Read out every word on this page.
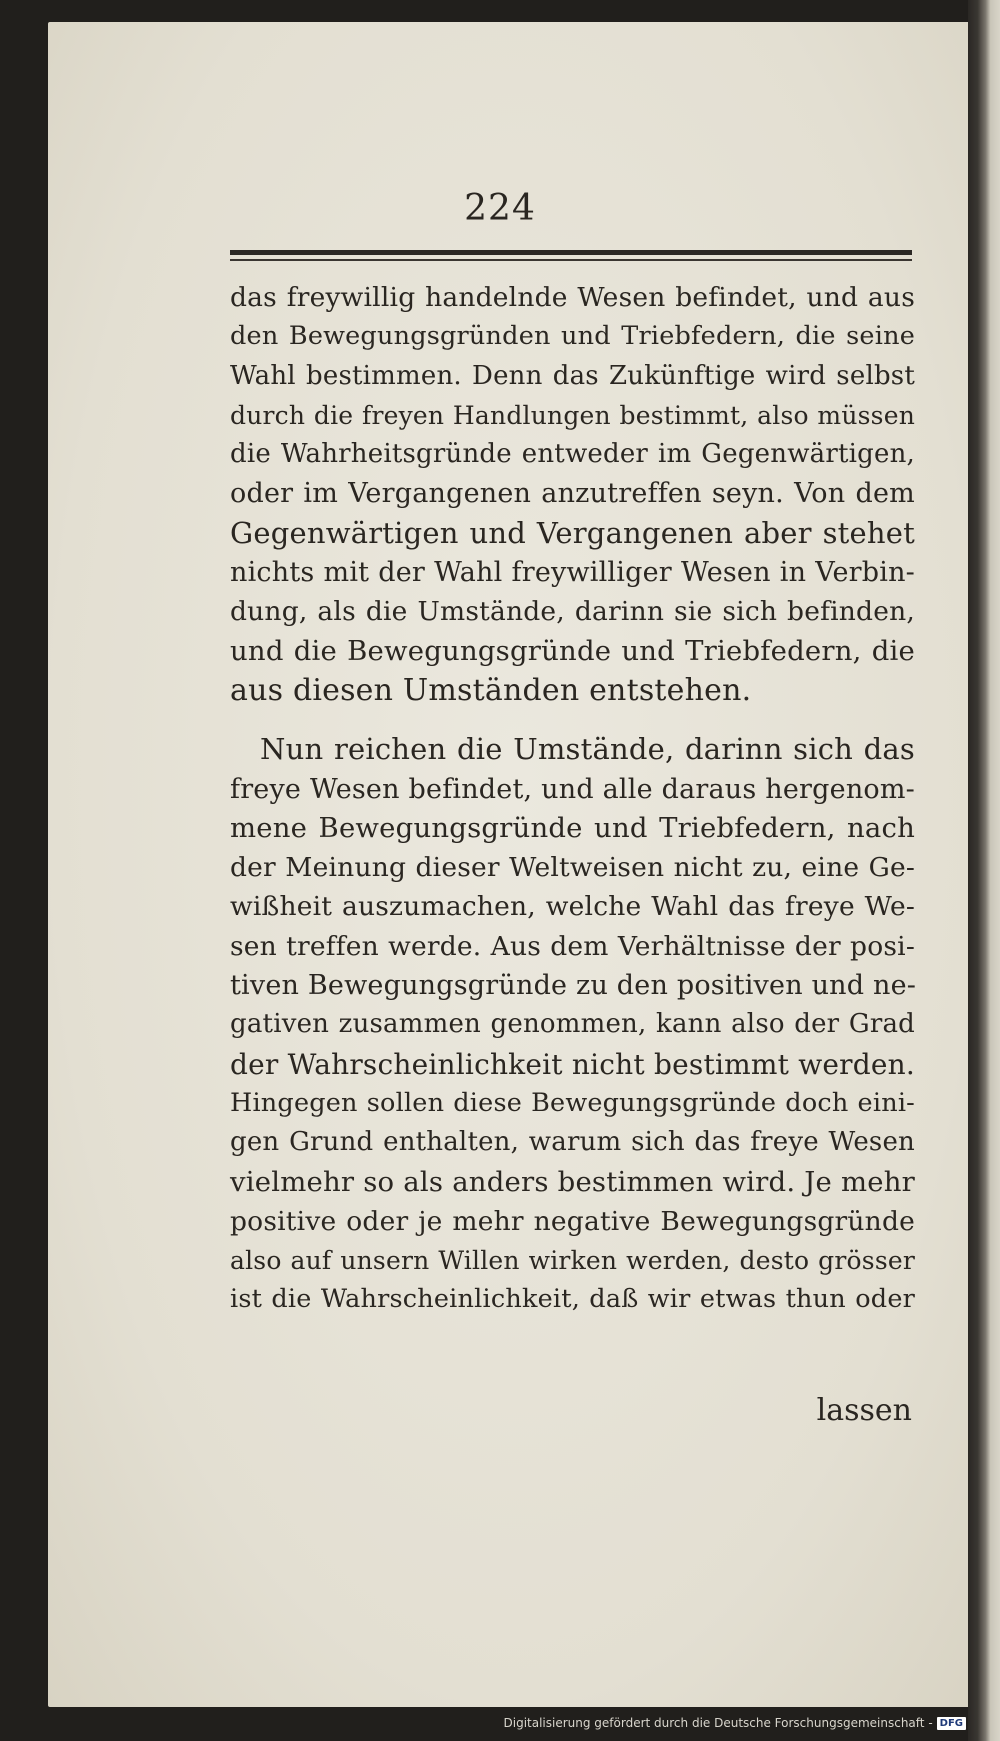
224
das freywillig handelnde Wesen befindet, und aus
den Bewegungsgründen und Triebfedern, die seine
Wahl bestimmen. Denn das Zukünftige wird selbst
durch die freyen Handlungen bestimmt, also müssen
die Wahrheitsgründe entweder im Gegenwärtigen,
oder im Vergangenen anzutreffen seyn. Von dem
Gegenwärtigen und Vergangenen aber stehet
nichts mit der Wahl freywilliger Wesen in Verbin-
dung, als die Umstände, darinn sie sich befinden,
und die Bewegungsgründe und Triebfedern, die
aus diesen Umständen entstehen.
Nun reichen die Umstände, darinn sich das
freye Wesen befindet, und alle daraus hergenom-
mene Bewegungsgründe und Triebfedern, nach
der Meinung dieser Weltweisen nicht zu, eine Ge-
wißheit auszumachen, welche Wahl das freye We-
sen treffen werde. Aus dem Verhältnisse der posi-
tiven Bewegungsgründe zu den positiven und ne-
gativen zusammen genommen, kann also der Grad
der Wahrscheinlichkeit nicht bestimmt werden.
Hingegen sollen diese Bewegungsgründe doch eini-
gen Grund enthalten, warum sich das freye Wesen
vielmehr so als anders bestimmen wird. Je mehr
positive oder je mehr negative Bewegungsgründe
also auf unsern Willen wirken werden, desto grösser
ist die Wahrscheinlichkeit, daß wir etwas thun oder
lassen
Digitalisierung gefördert durch die Deutsche Forschungsgemeinschaft - DFG
